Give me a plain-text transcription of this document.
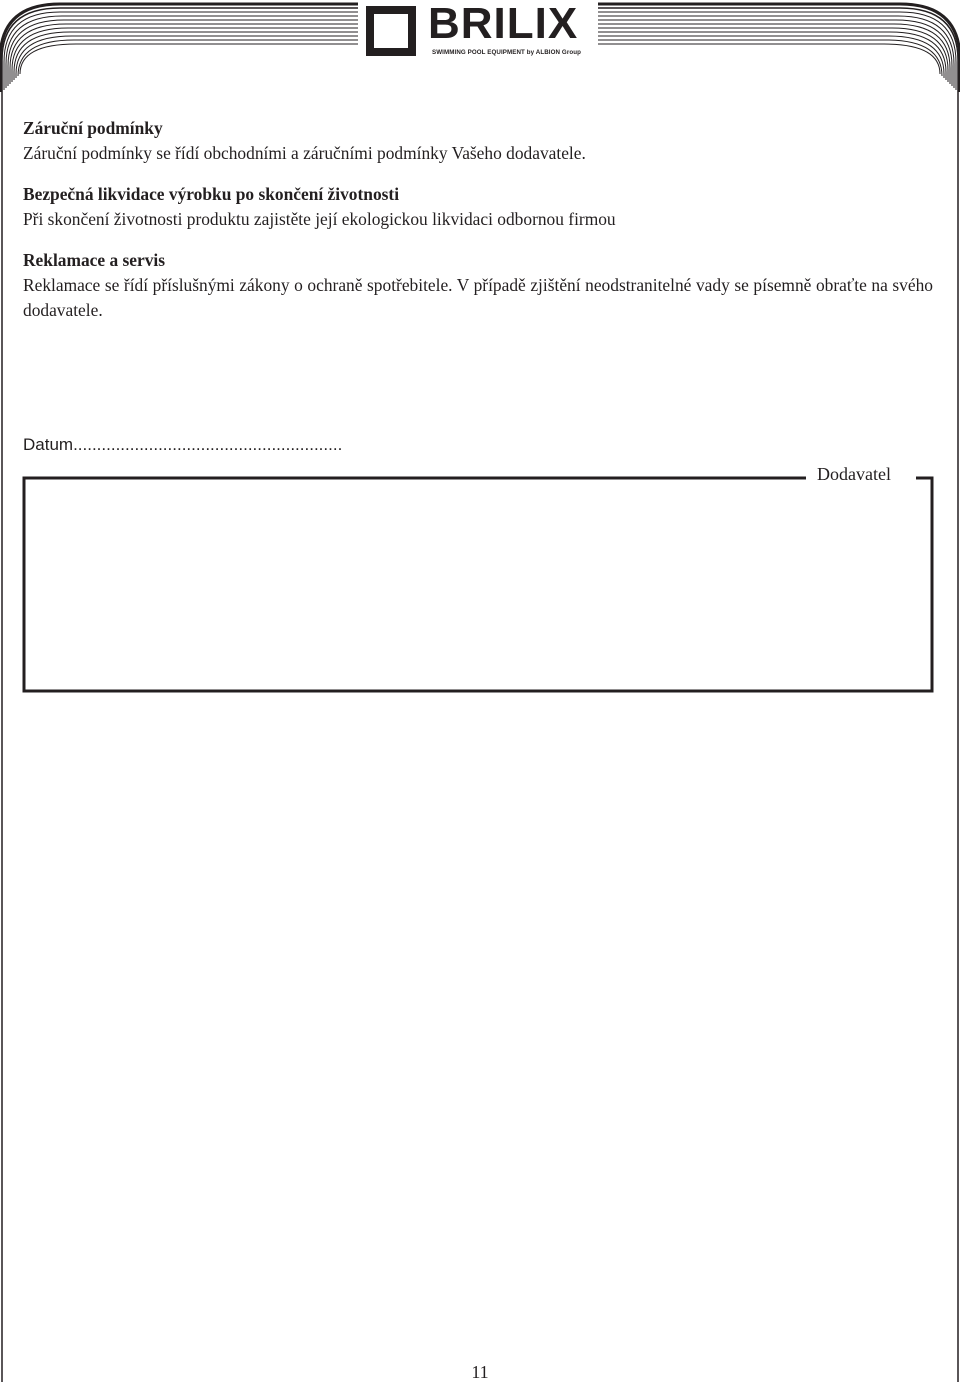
BRILIX
SWIMMING POOL EQUIPMENT by ALBION Group
Záruční podmínky
Záruční podmínky se řídí obchodními a záručními podmínky Vašeho dodavatele.
Bezpečná likvidace výrobku po skončení životnosti
Při skončení životnosti produktu zajistěte její ekologickou likvidaci odbornou firmou
Reklamace a servis
Reklamace se řídí příslušnými zákony o ochraně spotřebitele. V případě zjištění neodstranitelné vady se písemně obraťte na svého dodavatele.
Datum.........................................................
Dodavatel
11
